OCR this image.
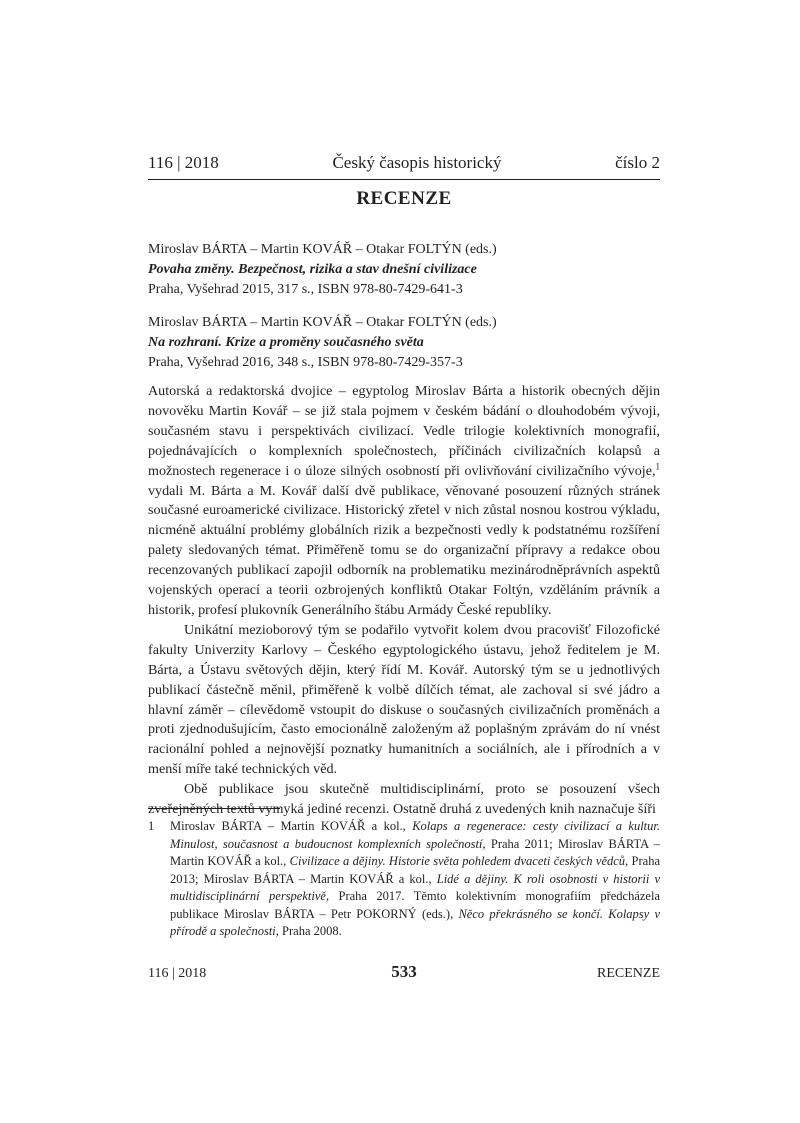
116 | 2018	Český časopis historický	číslo 2
RECENZE
Miroslav BÁRTA – Martin KOVÁŘ – Otakar FOLTÝN (eds.)
Povaha změny. Bezpečnost, rizika a stav dnešní civilizace
Praha, Vyšehrad 2015, 317 s., ISBN 978-80-7429-641-3
Miroslav BÁRTA – Martin KOVÁŘ – Otakar FOLTÝN (eds.)
Na rozhraní. Krize a proměny současného světa
Praha, Vyšehrad 2016, 348 s., ISBN 978-80-7429-357-3

Autorská a redaktorská dvojice – egyptolog Miroslav Bárta a historik obecných dějin novověku Martin Kovář – se již stala pojmem v českém bádání o dlouhodobém vývoji, současném stavu i perspektivách civilizací. Vedle trilogie kolektivních monografií, pojednávajících o komplexních společnostech, příčinách civilizačních kolapsů a možnostech regenerace i o úloze silných osobností při ovlivňování civilizačního vývoje,$^1$ vydali M. Bárta a M. Kovář další dvě publikace, věnované posouzení různých stránek současné euroamerické civilizace. Historický zřetel v nich zůstal nosnou kostrou výkladu, nicméně aktuální problémy globálních rizik a bezpečnosti vedly k podstatnému rozšíření palety sledovaných témat. Přiměřeně tomu se do organizační přípravy a redakce obou recenzovaných publikací zapojil odborník na problematiku mezinárodněprávních aspektů vojenských operací a teorii ozbrojených konfliktů Otakar Foltýn, vzděláním právník a historik, profesí plukovník Generálního štábu Armády České republiky.

Unikátní mezioborový tým se podařilo vytvořit kolem dvou pracovišť Filozofické fakulty Univerzity Karlovy – Českého egyptologického ústavu, jehož ředitelem je M. Bárta, a Ústavu světových dějin, který řídí M. Kovář. Autorský tým se u jednotlivých publikací částečně měnil, přiměřeně k volbě dílčích témat, ale zachoval si své jádro a hlavní záměr – cílevědomě vstoupit do diskuse o současných civilizačních proměnách a proti zjednodušujícím, často emocionálně založeným až poplašným zprávám do ní vnést racionální pohled a nejnovější poznatky humanitních a sociálních, ale i přírodních a v menší míře také technických věd.

Obě publikace jsou skutečně multidisciplinární, proto se posouzení všech zveřejněných textů vymyká jediné recenzi. Ostatně druhá z uvedených knih naznačuje šíři

1	Miroslav BÁRTA – Martin KOVÁŘ a kol., Kolaps a regenerace: cesty civilizací a kultur. Minulost, současnost a budoucnost komplexních společností, Praha 2011; Miroslav BÁRTA – Martin KOVÁŘ a kol., Civilizace a dějiny. Historie světa pohledem dvaceti českých vědců, Praha 2013; Miroslav BÁRTA – Martin KOVÁŘ a kol., Lidé a dějiny. K roli osobnosti v historii v multidisciplinární perspektivě, Praha 2017. Těmto kolektivním monografiím předcházela publikace Miroslav BÁRTA – Petr POKORNÝ (eds.), Něco překrásného se končí. Kolapsy v přírodě a společnosti, Praha 2008.
116 | 2018	533	RECENZE
